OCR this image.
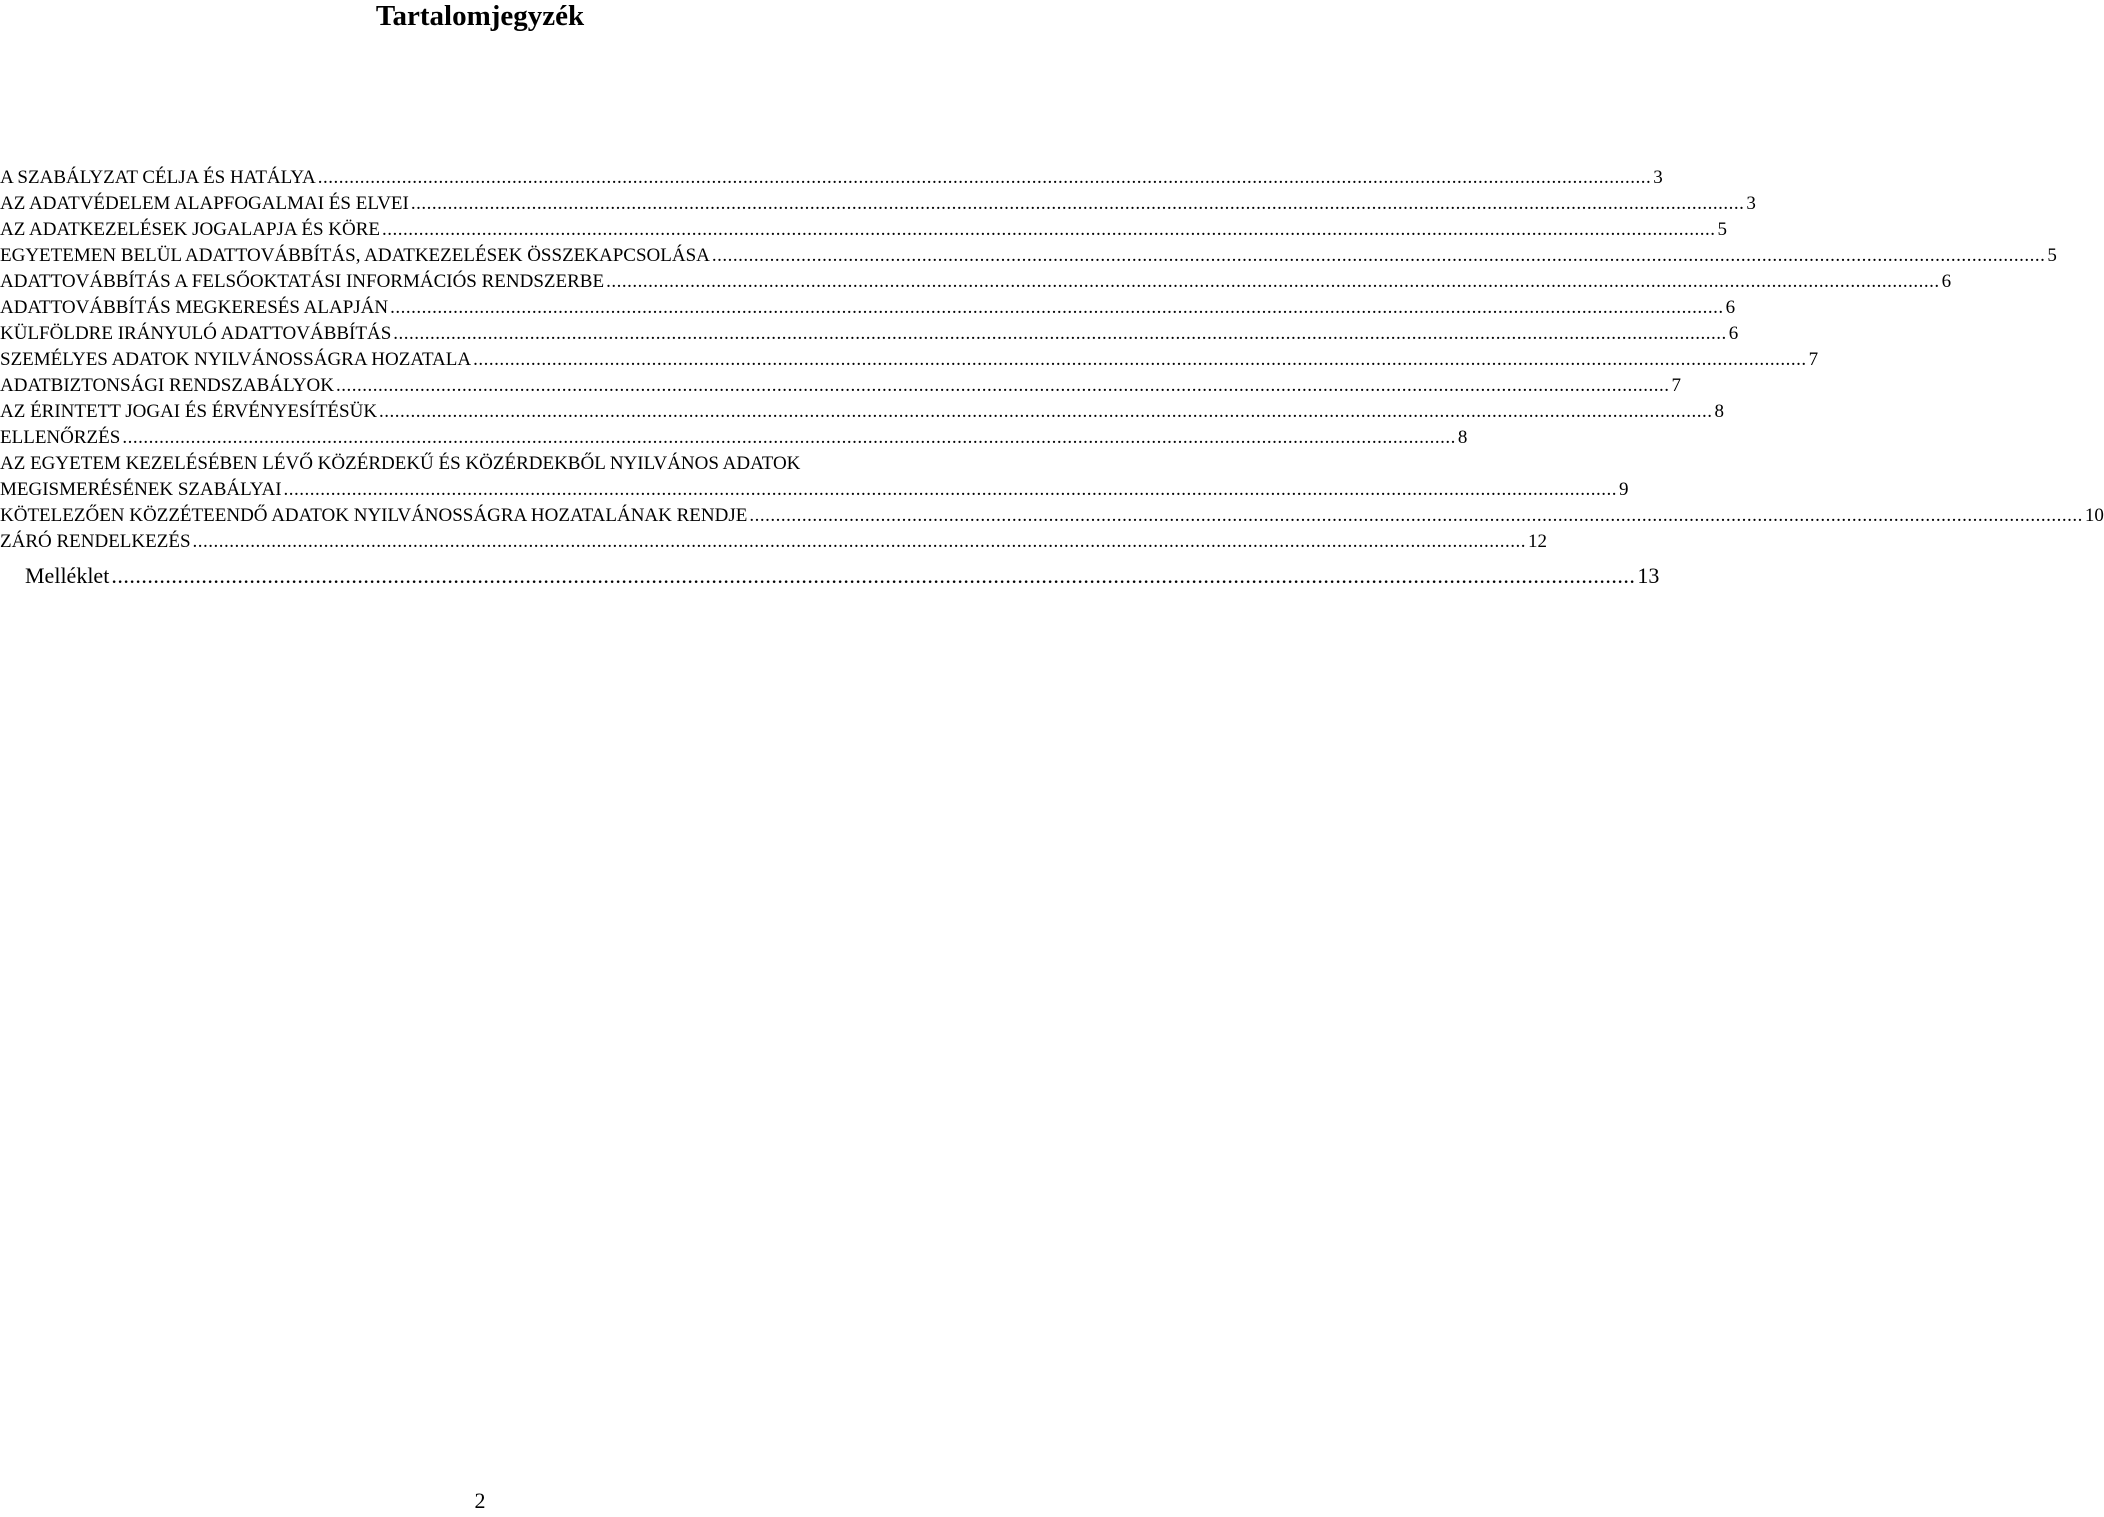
Tartalomjegyzék
A SZABÁLYZAT CÉLJA ÉS HATÁLYA .....	3
AZ ADATVÉDELEM ALAPFOGALMAI ÉS ELVEI .....	3
AZ ADATKEZELÉSEK JOGALAPJA ÉS KÖRE .....	5
EGYETEMEN BELÜL ADATTOVÁBBÍTÁS, ADATKEZELÉSEK ÖSSZEKAPCSOLÁSA .....	5
ADATTOVÁBBÍTÁS A FELSŐOKTATÁSI INFORMÁCIÓS RENDSZERBE .....	6
ADATTOVÁBBÍTÁS MEGKERESÉS ALAPJÁN .....	6
KÜLFÖLDRE IRÁNYULÓ ADATTOVÁBBÍTÁS .....	6
SZEMÉLYES ADATOK NYILVÁNOSSÁGRA HOZATALA .....	7
ADATBIZTONSÁGI RENDSZABÁLYOK .....	7
AZ ÉRINTETT JOGAI ÉS ÉRVÉNYESÍTÉSÜK .....	8
ELLENŐRZÉS .....	8
AZ EGYETEM KEZELÉSÉBEN LÉVŐ KÖZÉRDEKŰ ÉS KÖZÉRDEKBŐL NYILVÁNOS ADATOK
MEGISMERÉSÉNEK SZABÁLYAI .....	9
KÖTELEZŐEN KÖZZÉTEENDŐ ADATOK NYILVÁNOSSÁGRA HOZATALÁNAK RENDJE .....	10
ZÁRÓ RENDELKEZÉS .....	12
Melléklet .....	13
2
